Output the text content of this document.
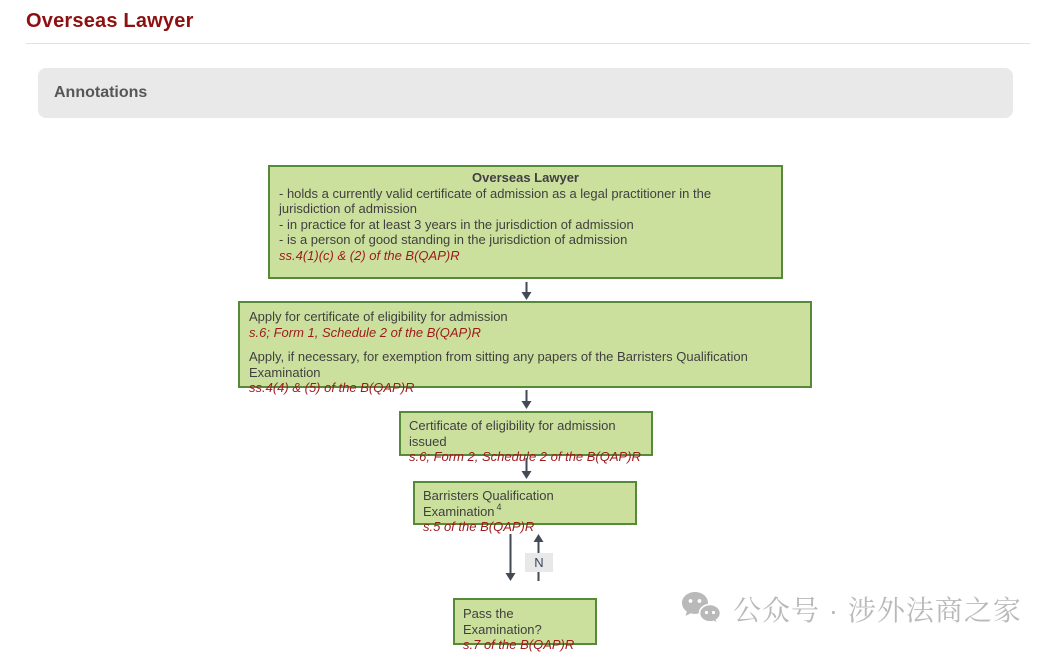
Overseas Lawyer
Annotations
Overseas Lawyer

- holds a currently valid certificate of admission as a legal practitioner in the jurisdiction of admission

- in practice for at least 3 years in the jurisdiction of admission

- is a person of good standing in the jurisdiction of admission

ss.4(1)(c) & (2) of the B(QAP)R

Apply for certificate of eligibility for admission

s.6; Form 1, Schedule 2 of the B(QAP)R

Apply, if necessary, for exemption from sitting any papers of the Barristers Qualification Examination

ss.4(4) & (5) of the B(QAP)R

Certificate of eligibility for admission issued

s.6; Form 2, Schedule 2 of the B(QAP)R

Barristers Qualification Examination $^4$

s.5 of the B(QAP)R

N

Pass the Examination?

s.7 of the B(QAP)R

公众号 · 涉外法商之家
